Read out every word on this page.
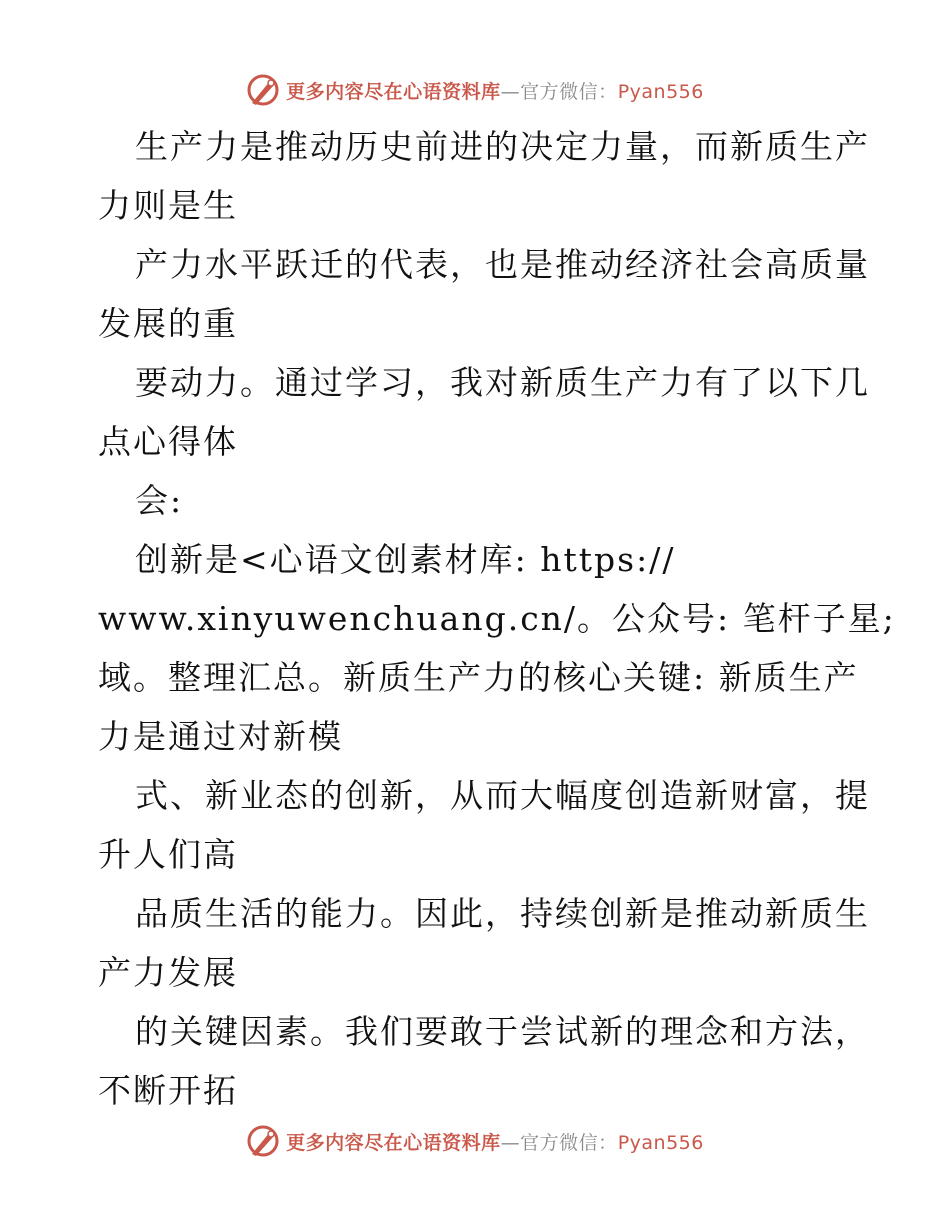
更多内容尽在心语资料库—官方微信：Pyan556
生产力是推动历史前进的决定力量，而新质生产
力则是生
产力水平跃迁的代表，也是推动经济社会高质量
发展的重
要动力。通过学习，我对新质生产力有了以下几
点心得体
会:
创新是<心语文创素材库: https://
www.xinyuwenchuang.cn/。公众号: 笔杆子星;
域。整理汇总。新质生产力的核心关键: 新质生产
力是通过对新模
式、新业态的创新，从而大幅度创造新财富，提
升人们高
品质生活的能力。因此，持续创新是推动新质生
产力发展
的关键因素。我们要敢于尝试新的理念和方法，
不断开拓
更多内容尽在心语资料库—官方微信：Pyan556
